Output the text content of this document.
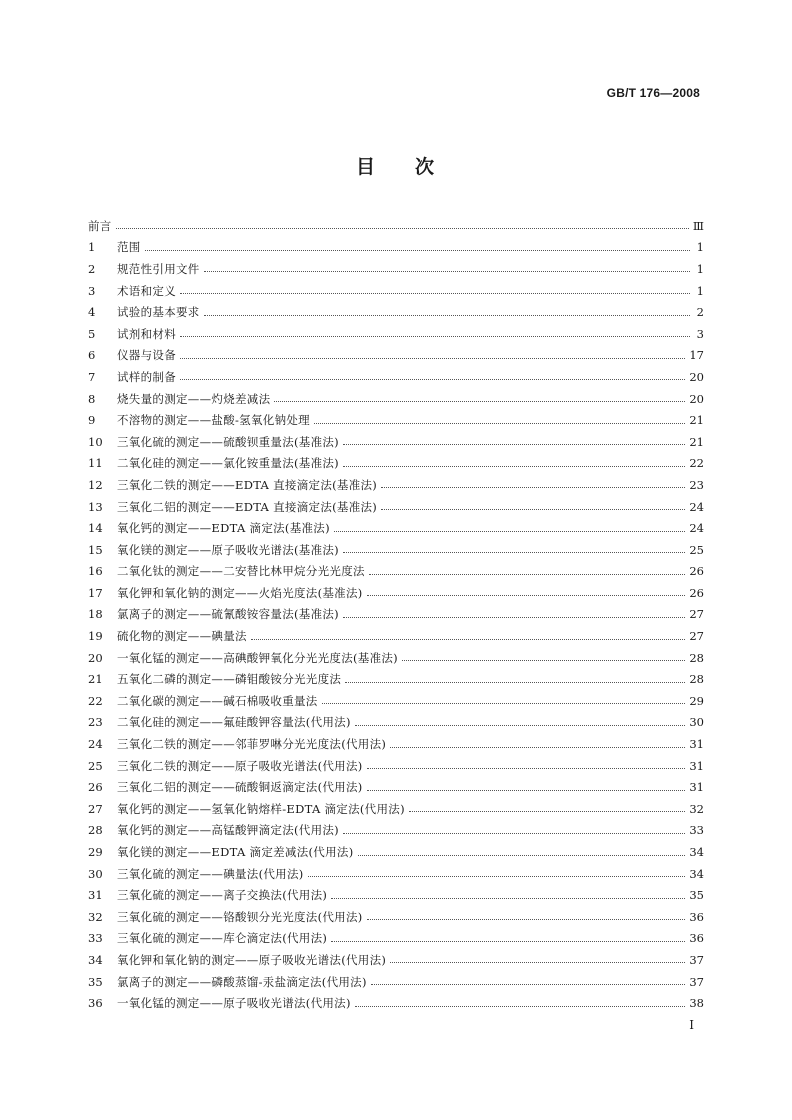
GB/T 176—2008
目 次
前言	Ⅲ
1	范围	1
2	规范性引用文件	1
3	术语和定义	1
4	试验的基本要求	2
5	试剂和材料	3
6	仪器与设备	17
7	试样的制备	20
8	烧失量的测定——灼烧差减法	20
9	不溶物的测定——盐酸-氢氧化钠处理	21
10	三氧化硫的测定——硫酸钡重量法(基准法)	21
11	二氧化硅的测定——氯化铵重量法(基准法)	22
12	三氧化二铁的测定——EDTA 直接滴定法(基准法)	23
13	三氧化二铝的测定——EDTA 直接滴定法(基准法)	24
14	氧化钙的测定——EDTA 滴定法(基准法)	24
15	氧化镁的测定——原子吸收光谱法(基准法)	25
16	二氧化钛的测定——二安替比林甲烷分光光度法	26
17	氧化钾和氧化钠的测定——火焰光度法(基准法)	26
18	氯离子的测定——硫氰酸铵容量法(基准法)	27
19	硫化物的测定——碘量法	27
20	一氧化锰的测定——高碘酸钾氧化分光光度法(基准法)	28
21	五氧化二磷的测定——磷钼酸铵分光光度法	28
22	二氧化碳的测定——碱石棉吸收重量法	29
23	二氧化硅的测定——氟硅酸钾容量法(代用法)	30
24	三氧化二铁的测定——邻菲罗啉分光光度法(代用法)	31
25	三氧化二铁的测定——原子吸收光谱法(代用法)	31
26	三氧化二铝的测定——硫酸铜返滴定法(代用法)	31
27	氧化钙的测定——氢氧化钠熔样-EDTA 滴定法(代用法)	32
28	氧化钙的测定——高锰酸钾滴定法(代用法)	33
29	氧化镁的测定——EDTA 滴定差减法(代用法)	34
30	三氧化硫的测定——碘量法(代用法)	34
31	三氧化硫的测定——离子交换法(代用法)	35
32	三氧化硫的测定——铬酸钡分光光度法(代用法)	36
33	三氧化硫的测定——库仑滴定法(代用法)	36
34	氧化钾和氧化钠的测定——原子吸收光谱法(代用法)	37
35	氯离子的测定——磷酸蒸馏-汞盐滴定法(代用法)	37
36	一氧化锰的测定——原子吸收光谱法(代用法)	38
I
